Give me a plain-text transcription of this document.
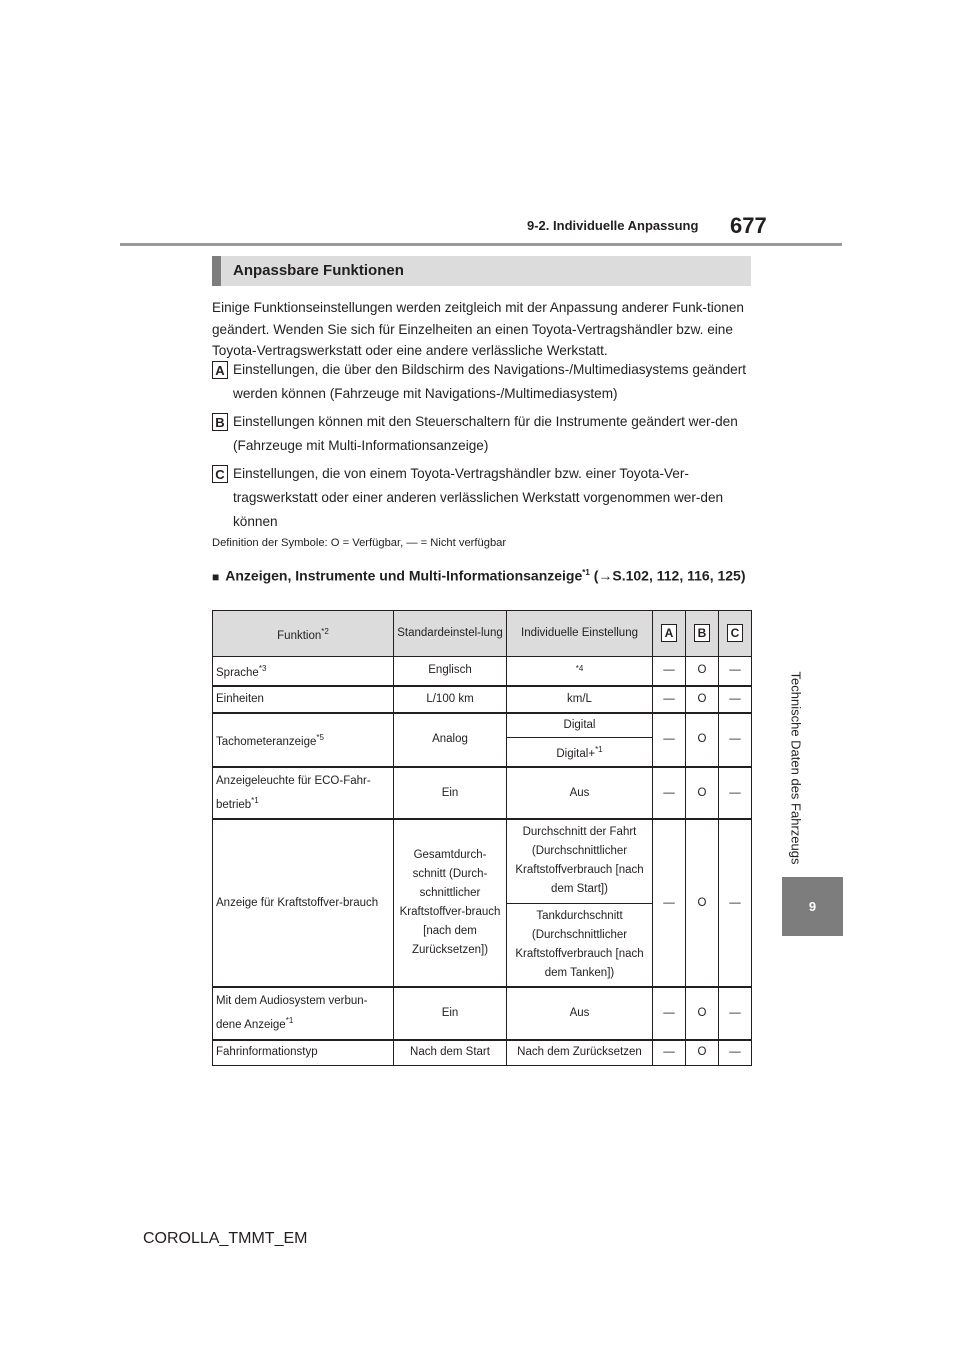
9-2. Individuelle Anpassung 677
Technische Daten des Fahrzeugs
9
Anpassbare Funktionen
Einige Funktionseinstellungen werden zeitgleich mit der Anpassung anderer Funk-tionen geändert. Wenden Sie sich für Einzelheiten an einen Toyota-Vertragshändler bzw. eine Toyota-Vertragswerkstatt oder eine andere verlässliche Werkstatt.
A Einstellungen, die über den Bildschirm des Navigations-/Multimediasystems geändert werden können (Fahrzeuge mit Navigations-/Multimediasystem)
B Einstellungen können mit den Steuerschaltern für die Instrumente geändert wer-den (Fahrzeuge mit Multi-Informationsanzeige)
C Einstellungen, die von einem Toyota-Vertragshändler bzw. einer Toyota-Ver-tragswerkstatt oder einer anderen verlässlichen Werkstatt vorgenommen wer-den können
Definition der Symbole: O = Verfügbar, — = Nicht verfügbar
■ Anzeigen, Instrumente und Multi-Informationsanzeige$^{*1}$ (→S.102, 112, 116, 125)
Funktion$^{*2}$	Standardeinstel-lung	Individuelle Einstellung	A	B	C
Sprache$^{*3}$	Englisch	$^{*4}$	—	O	—
Einheiten	L/100 km	km/L	—	O	—
Tachometeranzeige$^{*5}$	Analog	Digital	—	O	—
		Digital+$^{*1}$
Anzeigeleuchte für ECO-Fahr-betrieb$^{*1}$	Ein	Aus	—	O	—
Anzeige für Kraftstoffver-brauch	Gesamtdurch-schnitt (Durch-schnittlicher Kraftstoffver-brauch [nach dem Zurücksetzen])	Durchschnitt der Fahrt (Durchschnittlicher Kraftstoffverbrauch [nach dem Start])	—	O	—
		Tankdurchschnitt (Durchschnittlicher Kraftstoffverbrauch [nach dem Tanken])			
Mit dem Audiosystem verbun-dene Anzeige$^{*1}$	Ein	Aus	—	O	—
Fahrinformationstyp	Nach dem Start	Nach dem Zurücksetzen	—	O	—
COROLLA_TMMT_EM
